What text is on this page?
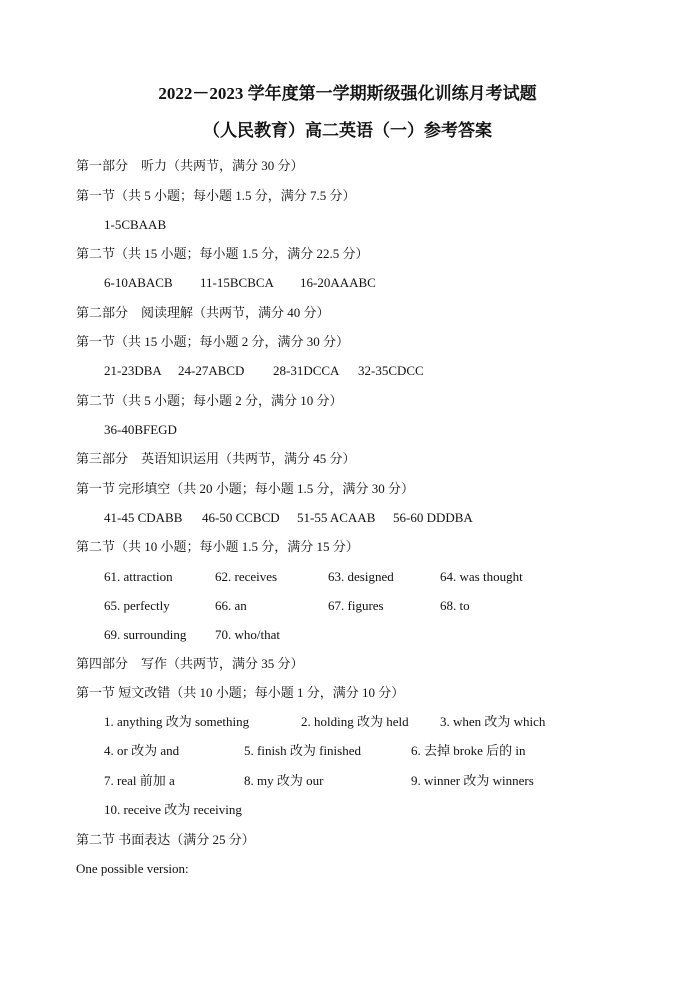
2022－2023 学年度第一学期斯级强化训练月考试题
（人民教育）高二英语（一）参考答案
第一部分　听力（共两节，满分 30 分）
第一节（共 5 小题；每小题 1.5 分，满分 7.5 分）
1-5CBAAB
第二节（共 15 小题；每小题 1.5 分，满分 22.5 分）
6-10ABACB 11-15BCBCA 16-20AAABC
第二部分　阅读理解（共两节，满分 40 分）
第一节（共 15 小题；每小题 2 分，满分 30 分）
21-23DBA 24-27ABCD 28-31DCCA 32-35CDCC
第二节（共 5 小题；每小题 2 分，满分 10 分）
36-40BFEGD
第三部分　英语知识运用（共两节，满分 45 分）
第一节 完形填空（共 20 小题；每小题 1.5 分，满分 30 分）
41-45 CDABB 46-50 CCBCD 51-55 ACAAB 56-60 DDDBA
第二节（共 10 小题；每小题 1.5 分，满分 15 分）
61. attraction	62. receives	63. designed	64. was thought
65. perfectly	66. an	67. figures	68. to
69. surrounding 70. who/that
第四部分　写作（共两节，满分 35 分）
第一节 短文改错（共 10 小题；每小题 1 分，满分 10 分）
1. anything 改为 something	2. holding 改为 held 3. when 改为 which
4. or 改为 and	5. finish 改为 finished	6. 去掉 broke 后的 in
7. real 前加 a	8. my 改为 our	9. winner 改为 winners
10. receive 改为 receiving
第二节 书面表达（满分 25 分）
One possible version:
